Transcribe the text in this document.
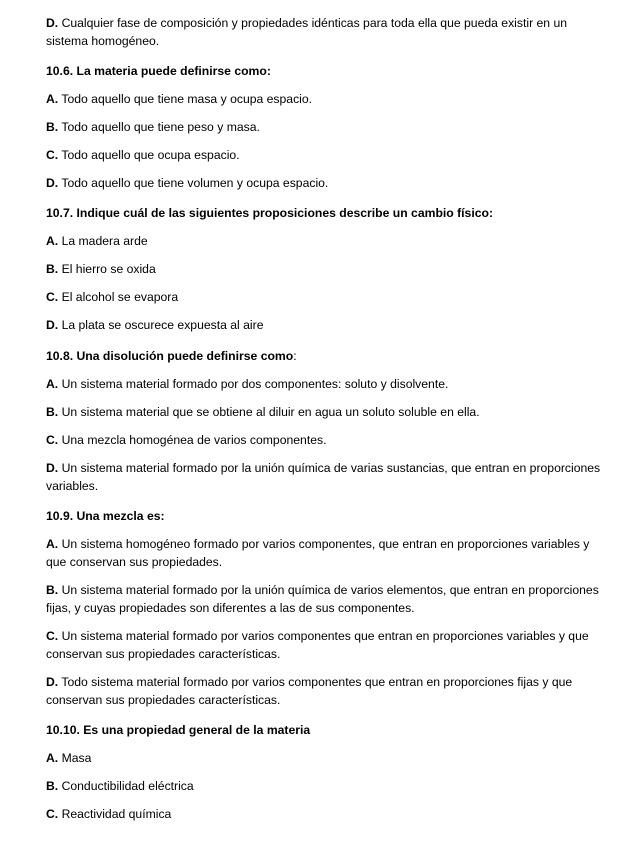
D. Cualquier fase de composición y propiedades idénticas para toda ella que pueda existir en un sistema homogéneo.

10.6. La materia puede definirse como:

A. Todo aquello que tiene masa y ocupa espacio.

B. Todo aquello que tiene peso y masa.

C. Todo aquello que ocupa espacio.

D. Todo aquello que tiene volumen y ocupa espacio.

10.7. Indique cuál de las siguientes proposiciones describe un cambio físico:

A. La madera arde

B. El hierro se oxida

C. El alcohol se evapora

D. La plata se oscurece expuesta al aire

10.8. Una disolución puede definirse como:

A. Un sistema material formado por dos componentes: soluto y disolvente.

B. Un sistema material que se obtiene al diluir en agua un soluto soluble en ella.

C. Una mezcla homogénea de varios componentes.

D. Un sistema material formado por la unión química de varias sustancias, que entran en proporciones variables.

10.9. Una mezcla es:

A. Un sistema homogéneo formado por varios componentes, que entran en proporciones variables y que conservan sus propiedades.

B. Un sistema material formado por la unión química de varios elementos, que entran en proporciones fijas, y cuyas propiedades son diferentes a las de sus componentes.

C. Un sistema material formado por varios componentes que entran en proporciones variables y que conservan sus propiedades características.

D. Todo sistema material formado por varios componentes que entran en proporciones fijas y que conservan sus propiedades características.

10.10. Es una propiedad general de la materia

A. Masa

B. Conductibilidad eléctrica

C. Reactividad química
